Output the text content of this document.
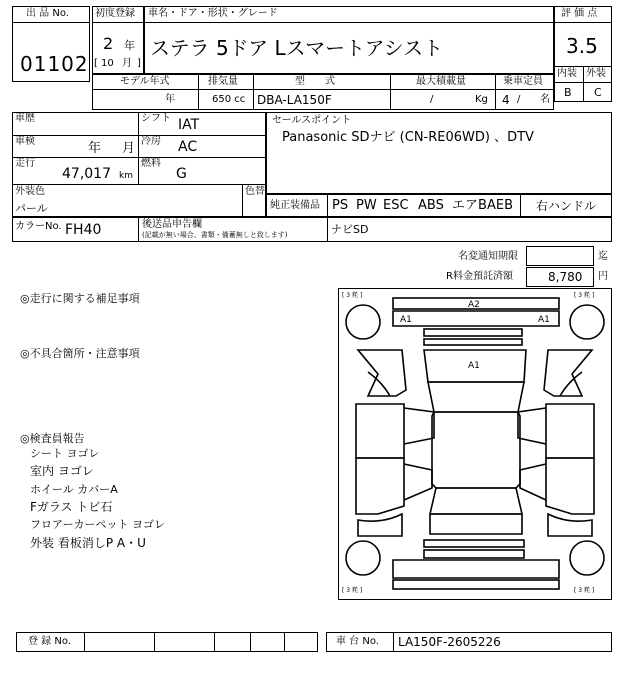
出 品 No.
01102
初度登録
2 年
[ 10 月 ]
車名・ドア・形状・グレード
ステラ 5ドア Lスマートアシスト
評 価 点
3.5
内装 外装
B C
モデル年式
年
排気量
650 cc
型　　式
DBA-LA150F
最大積載量
/	Kg
乗車定員
4 / 名
車歴	シフト IAT
車検	年 月 冷房 AC
走行
47,017 km
燃料
G
外装色
パール
色替
セールスポイント
Panasonic SDナビ (CN-RE06WD) 、DTV
純正装備品 PS PW ESC ABS エアB AEB 右ハンドル
カラーNo. FH40	後送品申告欄
(記載が無い場合、書類・備蓄無しと致します)	ナビSD
名変通知期限	迄
R料金預託済額	8,780 円
◎走行に関する補足事項
◎不具合箇所・注意事項
◎検査員報告
シート ヨゴレ
室内 ヨゴレ
ホイール カバーA
Fガラス トビ石
フロアーカーペット ヨゴレ
外装 看板消しP A・U
[ 3 粍 ]	[ 3 粍 ]
[ 3 粍 ]	[ 3 粍 ]
A2
A1	A1
A1
登 録 No.	車 台 No. LA150F-2605226
